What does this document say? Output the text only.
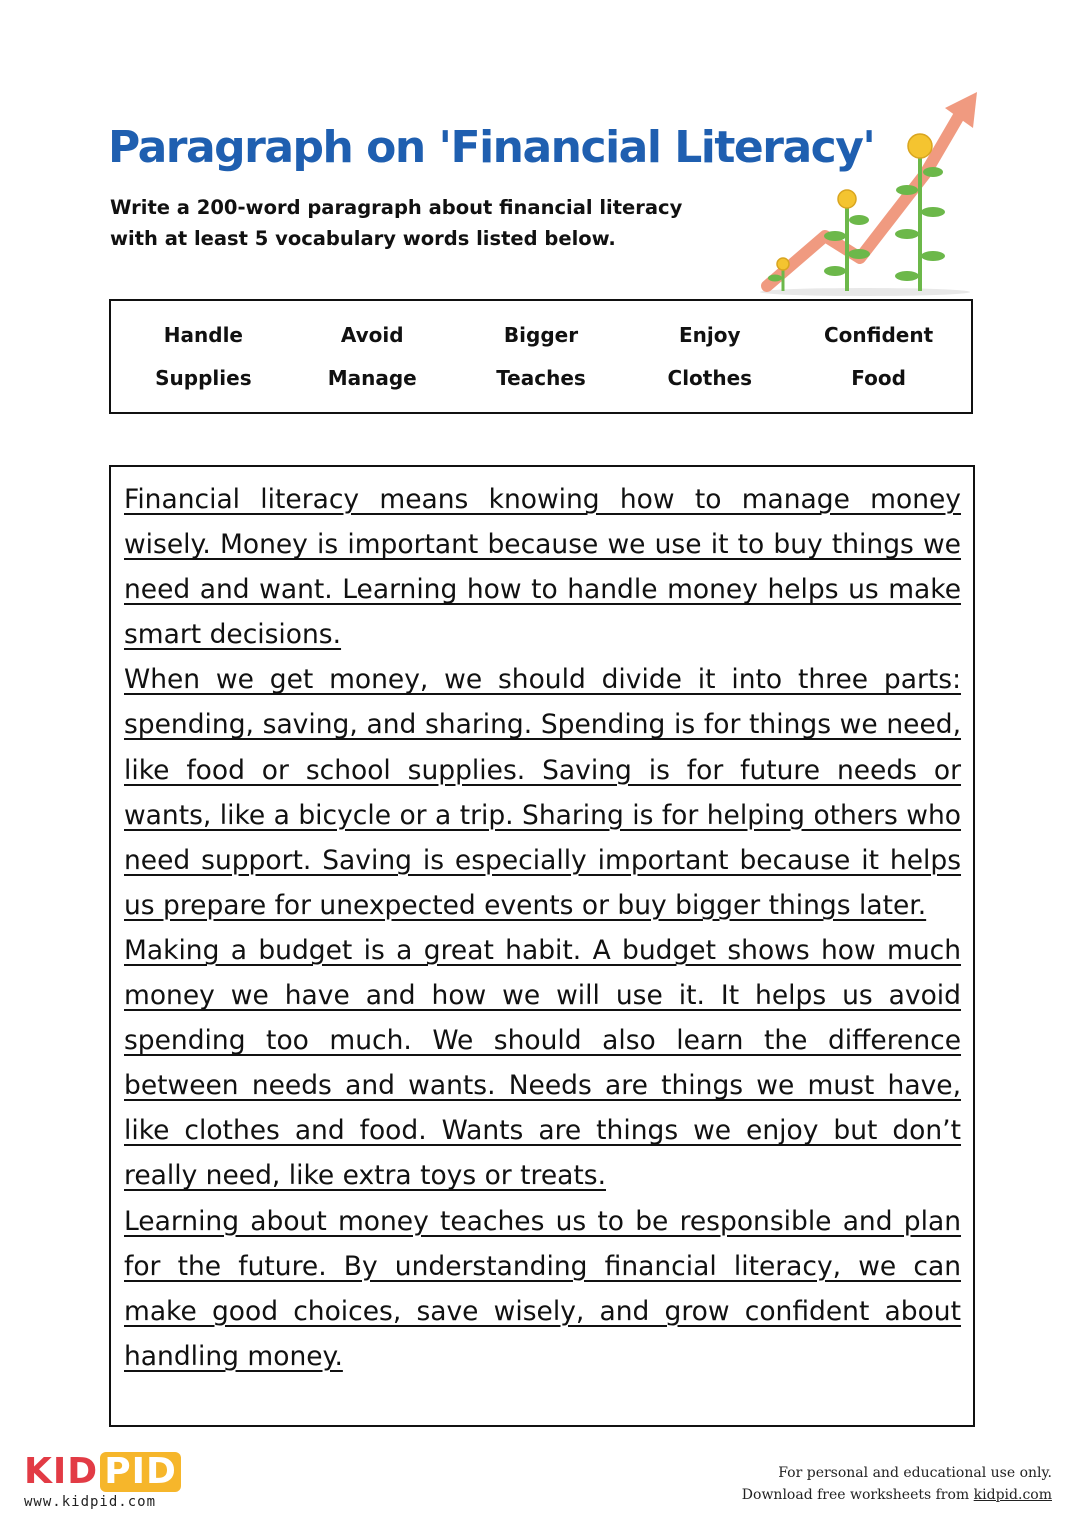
Paragraph on 'Financial Literacy'
Write a 200-word paragraph about financial literacy
with at least 5 vocabulary words listed below.
Handle	Avoid	Bigger	Enjoy	Confident
Supplies	Manage	Teaches	Clothes	Food

Financial literacy means knowing how to manage money wisely. Money is important because we use it to buy things we need and want. Learning how to handle money helps us make smart decisions.

When we get money, we should divide it into three parts: spending, saving, and sharing. Spending is for things we need, like food or school supplies. Saving is for future needs or wants, like a bicycle or a trip. Sharing is for helping others who need support. Saving is especially important because it helps us prepare for unexpected events or buy bigger things later.

Making a budget is a great habit. A budget shows how much money we have and how we will use it. It helps us avoid spending too much. We should also learn the difference between needs and wants. Needs are things we must have, like clothes and food. Wants are things we enjoy but don’t really need, like extra toys or treats.

Learning about money teaches us to be responsible and plan for the future. By understanding financial literacy, we can make good choices, save wisely, and grow confident about handling money.

KID PID
www.kidpid.com
For personal and educational use only.
Download free worksheets from kidpid.com
